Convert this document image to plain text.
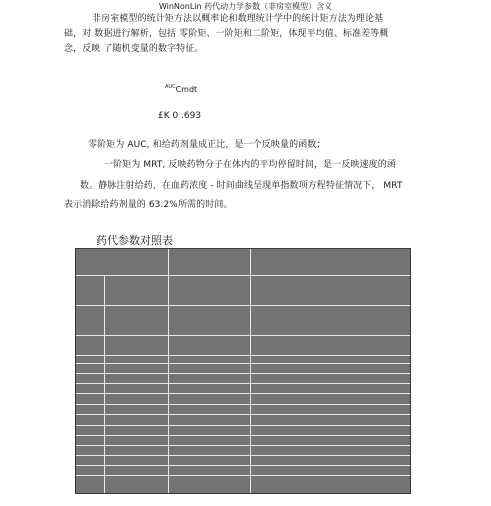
WinNonLin 药代动力学参数（非房室模型）含义
非房室模型的统计矩方法以概率论和数理统计学中的统计矩方法为理论基
础，对 数据进行解析，包括 零阶矩、一阶矩和二阶矩，体现平均值、标准差等概
念，反映 了随机变量的数字特征。
$^{AUC}$Cmdt
£K 0 .693
零阶矩为 AUC, 和给药剂量成正比，是一个反映量的函数；
一阶矩为 MRT, 反映药物分子在体内的平均停留时间，是一反映速度的函
数。静脉注射给药，在血药浓度 - 时间曲线呈现单指数项方程特征情况下， MRT
表示消除给药剂量的 63.2%所需的时间。
药代参数对照表
